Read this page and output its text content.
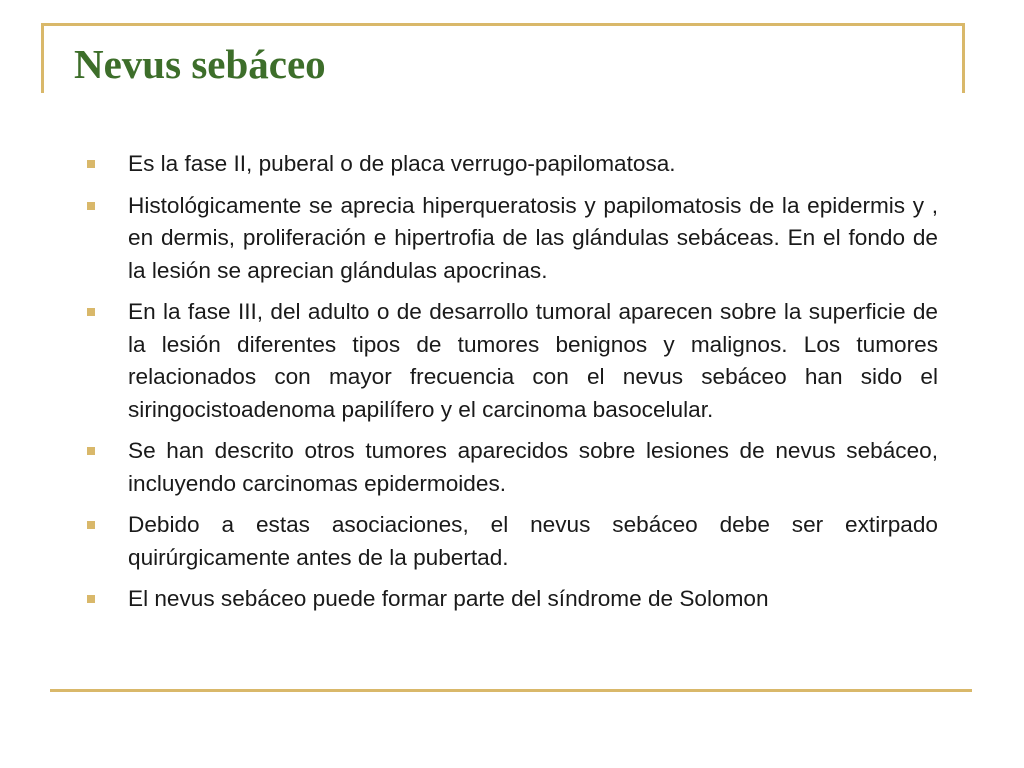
Nevus sebáceo
Es la fase II, puberal o de placa verrugo-papilomatosa.
Histológicamente se aprecia hiperqueratosis y papilomatosis de la epidermis y , en dermis, proliferación e hipertrofia de las glándulas sebáceas. En el fondo de la lesión se aprecian glándulas apocrinas.
En la fase III, del adulto o de desarrollo tumoral aparecen sobre la superficie de la lesión diferentes tipos de tumores benignos y malignos. Los tumores relacionados con mayor frecuencia con el nevus sebáceo han sido el siringocistoadenoma papilífero y el carcinoma basocelular.
Se han descrito otros tumores aparecidos sobre lesiones de nevus sebáceo, incluyendo carcinomas epidermoides.
Debido a estas asociaciones, el nevus sebáceo debe ser extirpado quirúrgicamente antes de la pubertad.
El nevus sebáceo puede formar parte del síndrome de Solomon
